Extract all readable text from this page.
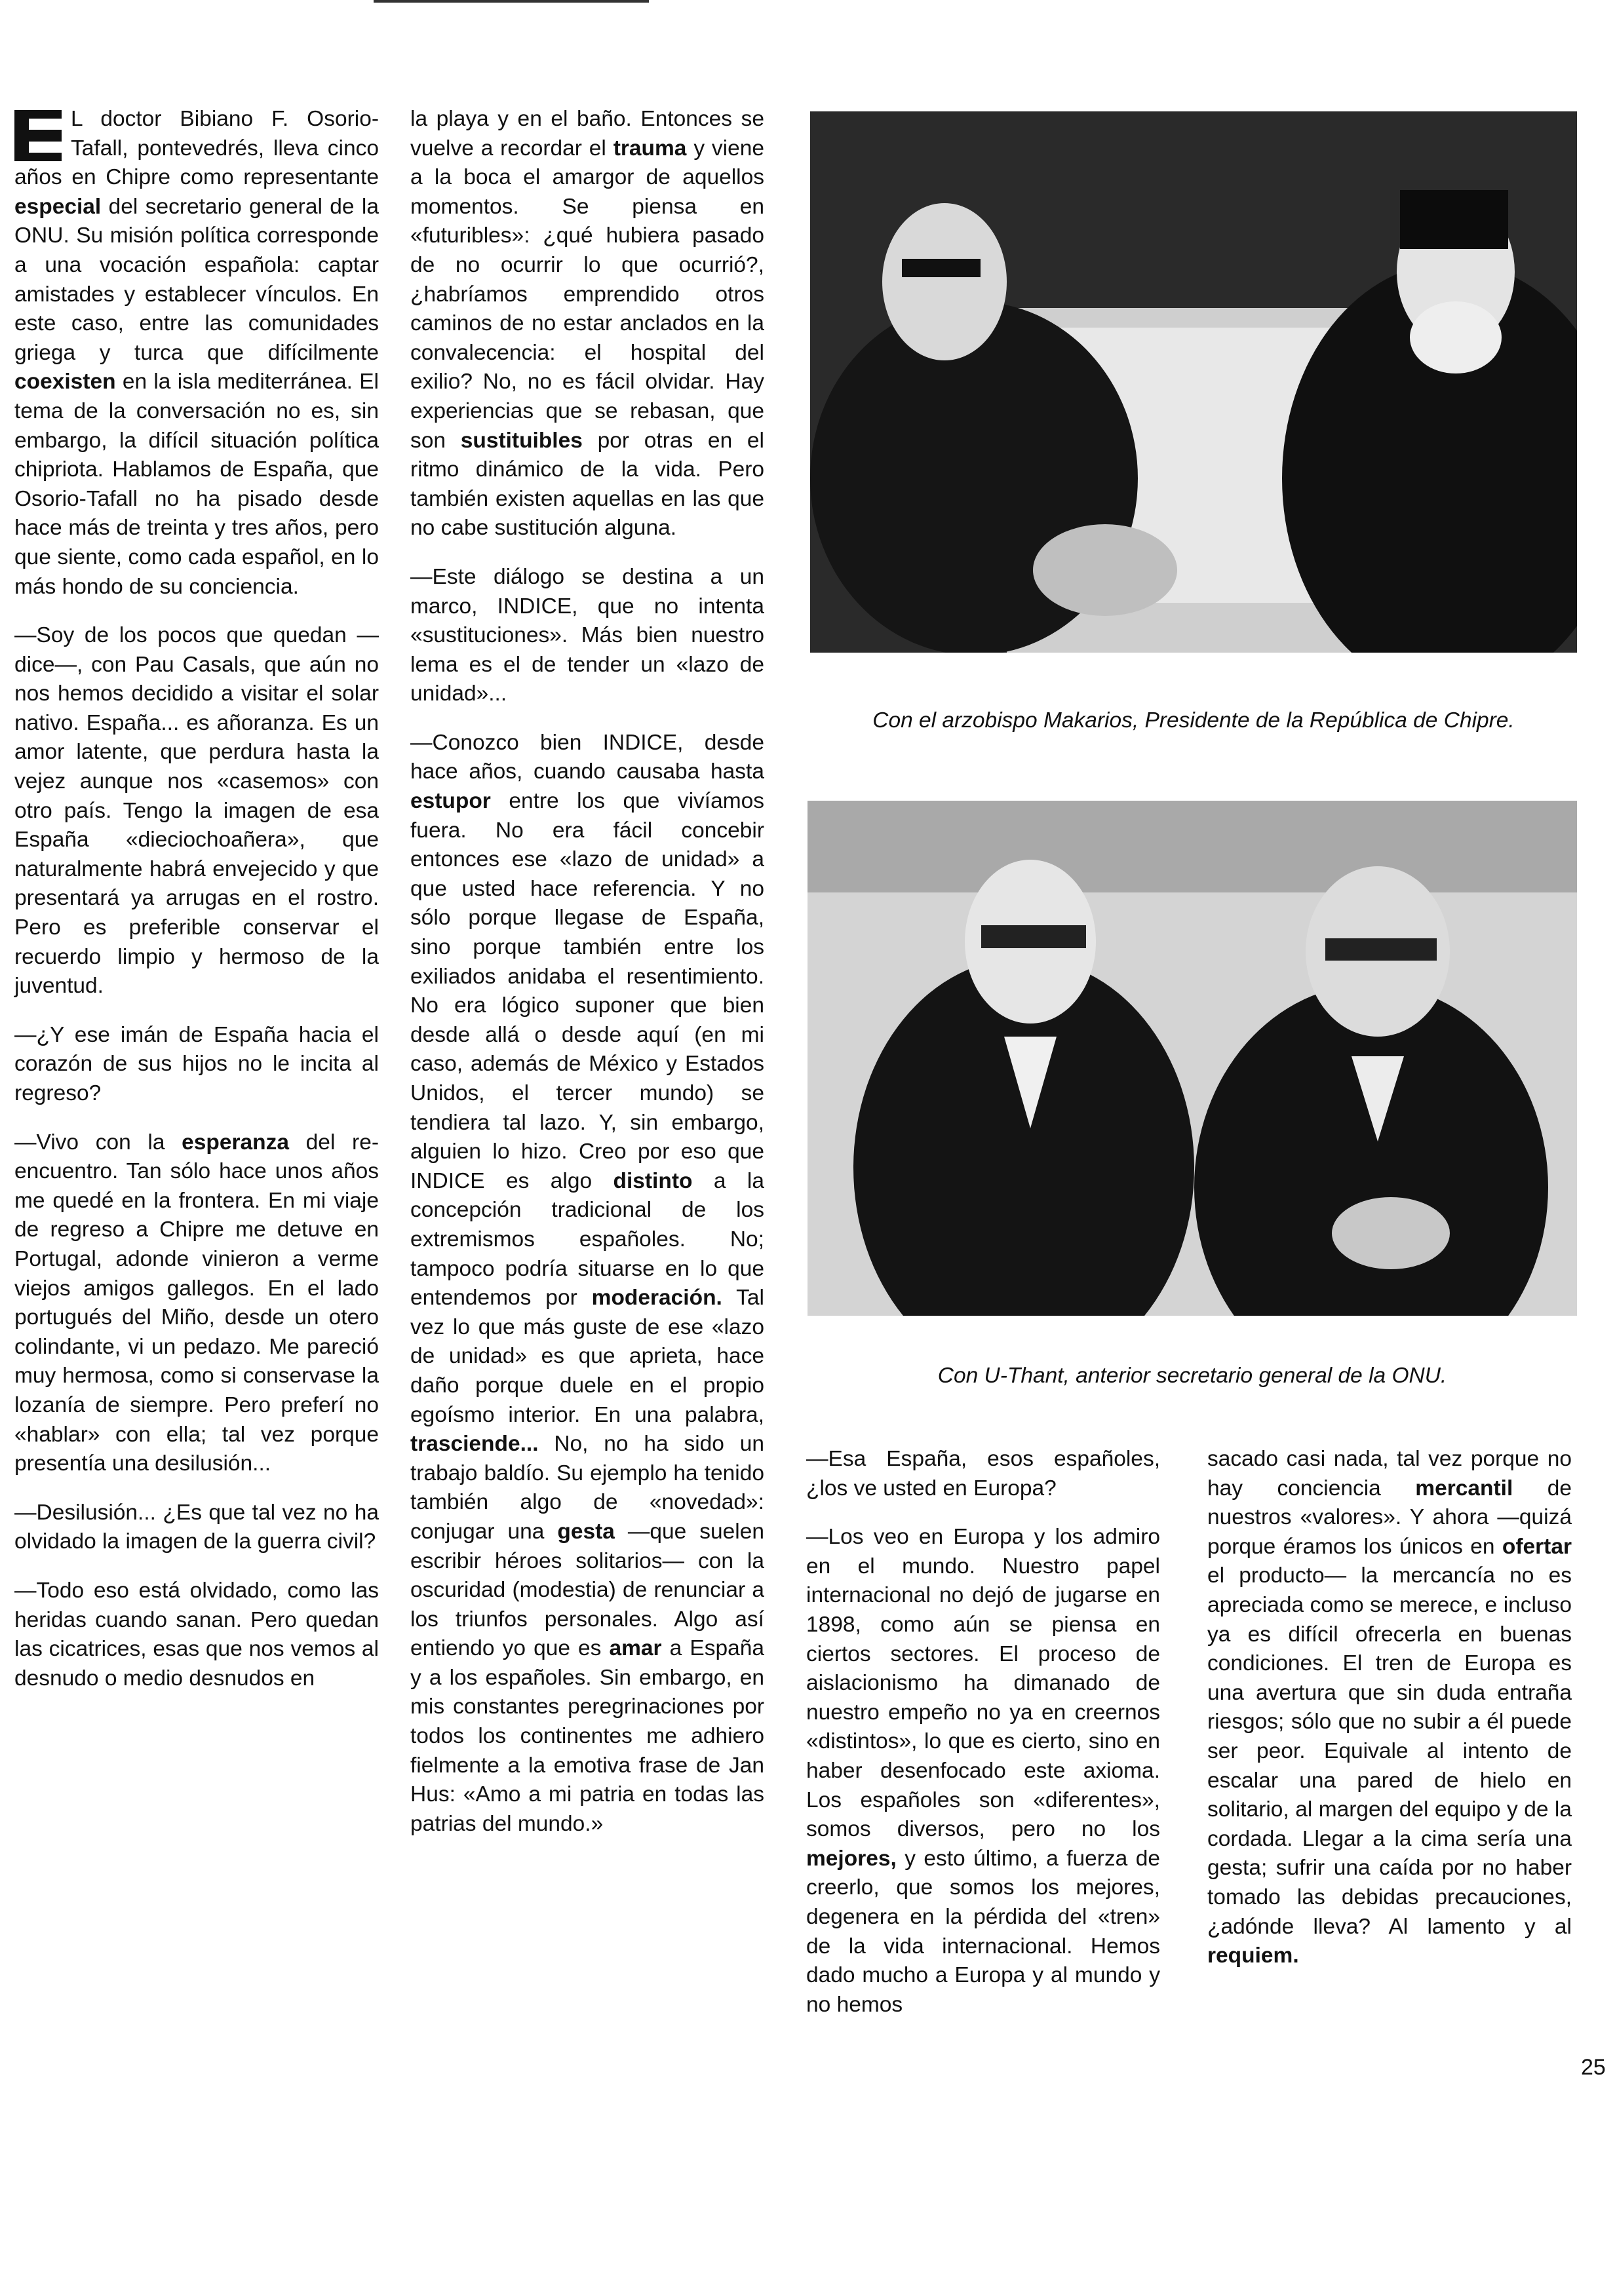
L doctor Bibiano F. Osorio-Tafall, pontevedrés, lleva cinco años en Chipre como representante especial del secretario general de la ONU. Su misión política corresponde a una vocación española: captar amistades y establecer vínculos. En este caso, entre las comunidades griega y turca que difícilmente coexisten en la isla mediterránea. El tema de la conversación no es, sin embargo, la difícil situación política chipriota. Hablamos de España, que Osorio-Tafall no ha pisado desde hace más de treinta y tres años, pero que siente, como cada español, en lo más hondo de su conciencia.

—Soy de los pocos que quedan —dice—, con Pau Casals, que aún no nos hemos decidido a visitar el solar nativo. España... es añoranza. Es un amor latente, que perdura hasta la vejez aunque nos «casemos» con otro país. Tengo la imagen de esa España «dieciochoañera», que naturalmente habrá envejecido y que presentará ya arrugas en el rostro. Pero es preferible conservar el recuerdo limpio y hermoso de la juventud.

—¿Y ese imán de España hacia el corazón de sus hijos no le incita al regreso?

—Vivo con la esperanza del re-encuentro. Tan sólo hace unos años me quedé en la frontera. En mi viaje de regreso a Chipre me detuve en Portugal, adonde vinieron a verme viejos amigos gallegos. En el lado portugués del Miño, desde un otero colindante, vi un pedazo. Me pareció muy hermosa, como si conservase la lozanía de siempre. Pero preferí no «hablar» con ella; tal vez porque presentía una desilusión...

—Desilusión... ¿Es que tal vez no ha olvidado la imagen de la guerra civil?

—Todo eso está olvidado, como las heridas cuando sanan. Pero quedan las cicatrices, esas que nos vemos al desnudo o medio desnudos en

la playa y en el baño. Entonces se vuelve a recordar el trauma y viene a la boca el amargor de aquellos momentos. Se piensa en «futuribles»: ¿qué hubiera pasado de no ocurrir lo que ocurrió?, ¿habríamos emprendido otros caminos de no estar anclados en la convalecencia: el hospital del exilio? No, no es fácil olvidar. Hay experiencias que se rebasan, que son sustituibles por otras en el ritmo dinámico de la vida. Pero también existen aquellas en las que no cabe sustitución alguna.

—Este diálogo se destina a un marco, INDICE, que no intenta «sustituciones». Más bien nuestro lema es el de tender un «lazo de unidad»...

—Conozco bien INDICE, desde hace años, cuando causaba hasta estupor entre los que vivíamos fuera. No era fácil concebir entonces ese «lazo de unidad» a que usted hace referencia. Y no sólo porque llegase de España, sino porque también entre los exiliados anidaba el resentimiento. No era lógico suponer que bien desde allá o desde aquí (en mi caso, además de México y Estados Unidos, el tercer mundo) se tendiera tal lazo. Y, sin embargo, alguien lo hizo. Creo por eso que INDICE es algo distinto a la concepción tradicional de los extremismos españoles. No; tampoco podría situarse en lo que entendemos por moderación. Tal vez lo que más guste de ese «lazo de unidad» es que aprieta, hace daño porque duele en el propio egoísmo interior. En una palabra, trasciende... No, no ha sido un trabajo baldío. Su ejemplo ha tenido también algo de «novedad»: conjugar una gesta —que suelen escribir héroes solitarios— con la oscuridad (modestia) de renunciar a los triunfos personales. Algo así entiendo yo que es amar a España y a los españoles. Sin embargo, en mis constantes peregrinaciones por todos los continentes me adhiero fielmente a la emotiva frase de Jan Hus: «Amo a mi patria en todas las patrias del mundo.»

Con el arzobispo Makarios, Presidente de la República de Chipre.
Con U-Thant, anterior secretario general de la ONU.

—Esa España, esos españoles, ¿los ve usted en Europa?

—Los veo en Europa y los admiro en el mundo. Nuestro papel internacional no dejó de jugarse en 1898, como aún se piensa en ciertos sectores. El proceso de aislacionismo ha dimanado de nuestro empeño no ya en creernos «distintos», lo que es cierto, sino en haber desenfocado este axioma. Los españoles son «diferentes», somos diversos, pero no los mejores, y esto último, a fuerza de creerlo, que somos los mejores, degenera en la pérdida del «tren» de la vida internacional. Hemos dado mucho a Europa y al mundo y no hemos

sacado casi nada, tal vez porque no hay conciencia mercantil de nuestros «valores». Y ahora —quizá porque éramos los únicos en ofertar el producto— la mercancía no es apreciada como se merece, e incluso ya es difícil ofrecerla en buenas condiciones. El tren de Europa es una avertura que sin duda entraña riesgos; sólo que no subir a él puede ser peor. Equivale al intento de escalar una pared de hielo en solitario, al margen del equipo y de la cordada. Llegar a la cima sería una gesta; sufrir una caída por no haber tomado las debidas precauciones, ¿adónde lleva? Al lamento y al requiem.

25
